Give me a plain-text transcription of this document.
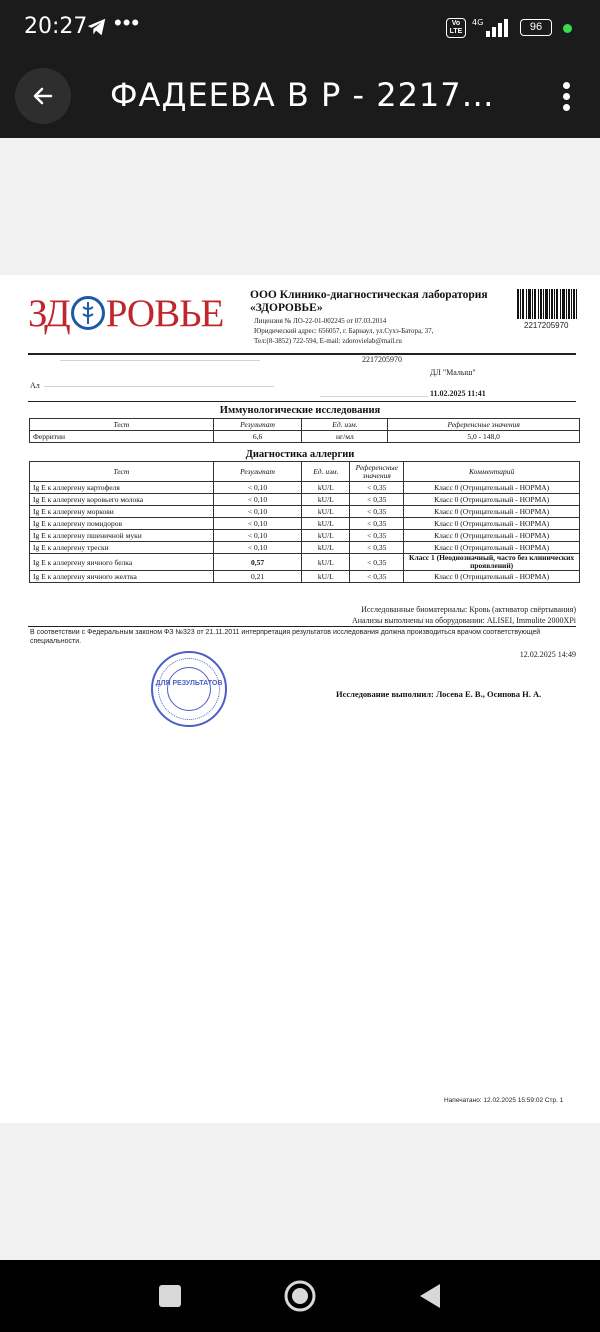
20:27 •••	Vo LTE
4G	96
ФАДЕЕВА В Р - 2217…
ЗД РОВЬЕ ООО Клинико-диагностическая лаборатория
«ЗДОРОВЬЕ»
Лицензия № ЛО-22-01-002245 от 07.03.2014
Юридический адрес: 656057, г. Барнаул, ул.Сухэ-Батора, 37,
Тел:(8-3852) 722-594, E-mail: zdorovielab@mail.ru
2217205970
2217205970
ДЛ "Малыш"
Ал
11.02.2025 11:41
Иммунологические исследования
Тест	Результат	Ед. изм.	Референсные значения
Ферритин	6,6	нг/мл	5,0 - 148,0
Диагностика аллергии
Тест	Результат	Ед. изм.	Референсные значения	Комментарий
Ig E к аллергену картофеля	< 0,10	kU/L	< 0,35	Класс 0 (Отрицательный - НОРМА)
Ig E к аллергену коровьего молока	< 0,10	kU/L	< 0,35	Класс 0 (Отрицательный - НОРМА)
Ig E к аллергену моркови	< 0,10	kU/L	< 0,35	Класс 0 (Отрицательный - НОРМА)
Ig E к аллергену помидоров	< 0,10	kU/L	< 0,35	Класс 0 (Отрицательный - НОРМА)
Ig E к аллергену пшеничной муки	< 0,10	kU/L	< 0,35	Класс 0 (Отрицательный - НОРМА)
Ig E к аллергену трески	< 0,10	kU/L	< 0,35	Класс 0 (Отрицательный - НОРМА)
Ig E к аллергену яичного белка	0,57	kU/L	< 0,35	Класс 1 (Неоднозначный, часто без клинических проявлений)
Ig E к аллергену яичного желтка	0,21	kU/L	< 0,35	Класс 0 (Отрицательный - НОРМА)
Исследованные биоматериалы: Кровь (активатор свёртывания)
Анализы выполнены на оборудовании: ALISEI, Immulite 2000XPi
В соответствии с Федеральным законом ФЗ №323 от 21.11.2011 интерпретация результатов исследования должна производиться врачом соответствующей специальности.
12.02.2025 14:49
ДЛЯ РЕЗУЛЬТАТОВ
Исследование выполнил: Лосева Е. В., Осипова Н. А.
Напечатано: 12.02.2025 15:59:02 Стр. 1
